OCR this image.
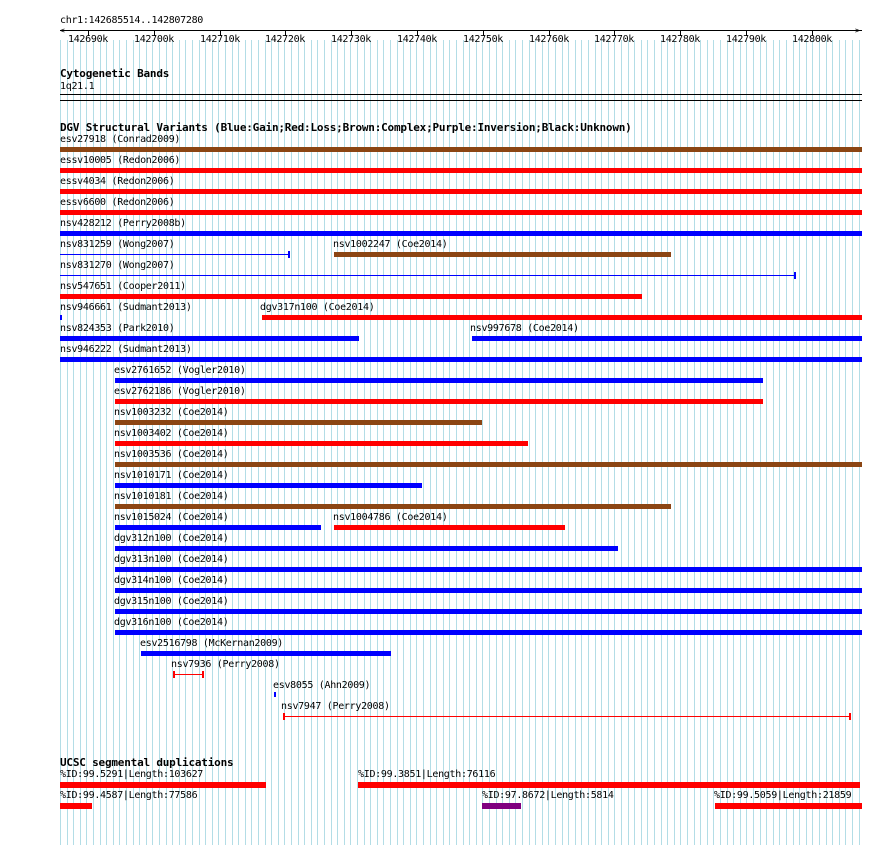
chr1:142685514..142807280
<	>
142690k	142700k	142710k 142720k	142730k	142740k	142750k	142760k 142770k	142780k	142790k	142800k
Cytogenetic Bands
1q21.1
DGV Structural Variants (Blue:Gain;Red:Loss;Brown:Complex;Purple:Inversion;Black:Unknown)
esv27918 (Conrad2009)
essv10005 (Redon2006)
essv4034 (Redon2006)
essv6600 (Redon2006)
nsv428212 (Perry2008b)
nsv831259 (Wong2007)	nsv1002247 (Coe2014)
nsv831270 (Wong2007)
nsv547651 (Cooper2011)
nsv946661 (Sudmant2013)	dgv317n100 (Coe2014)
nsv824353 (Park2010)	nsv997678 (Coe2014)
nsv946222 (Sudmant2013)
esv2761652 (Vogler2010)
esv2762186 (Vogler2010)
nsv1003232 (Coe2014)
nsv1003402 (Coe2014)
nsv1003536 (Coe2014)
nsv1010171 (Coe2014)
nsv1010181 (Coe2014)
nsv1015024 (Coe2014)	nsv1004786 (Coe2014)
dgv312n100 (Coe2014)
dgv313n100 (Coe2014)
dgv314n100 (Coe2014)
dgv315n100 (Coe2014)
dgv316n100 (Coe2014)
esv2516798 (McKernan2009)
nsv7936 (Perry2008)
esv8055 (Ahn2009)
nsv7947 (Perry2008)
UCSC segmental duplications
%ID:99.5291|Length:103627	%ID:99.3851|Length:76116
%ID:99.4587|Length:77586	%ID:97.8672|Length:5814	%ID:99.5059|Length:21859
